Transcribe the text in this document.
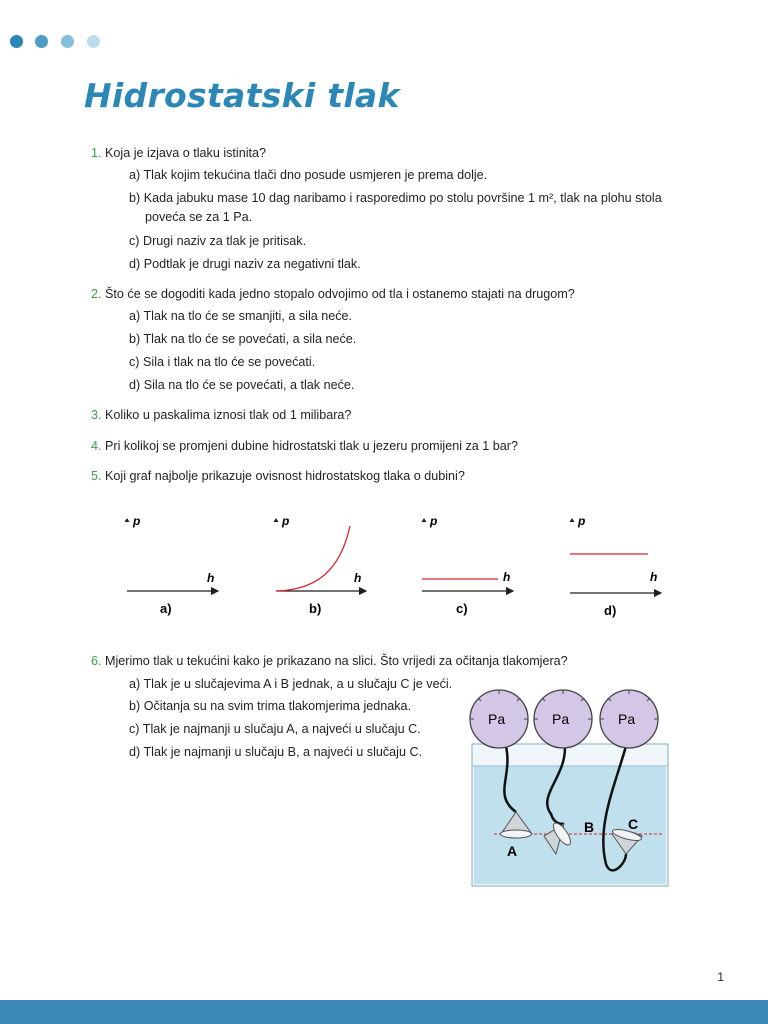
Hidrostatski tlak
1. Koja je izjava o tlaku istinita?
a) Tlak kojim tekućina tlači dno posude usmjeren je prema dolje.
b) Kada jabuku mase 10 dag naribamo i rasporedimo po stolu površine 1 m², tlak na plohu stola
poveća se za 1 Pa.
c) Drugi naziv za tlak je pritisak.
d) Podtlak je drugi naziv za negativni tlak.
2. Što će se dogoditi kada jedno stopalo odvojimo od tla i ostanemo stajati na drugom?
a) Tlak na tlo će se smanjiti, a sila neće.
b) Tlak na tlo će se povećati, a sila neće.
c) Sila i tlak na tlo će se povećati.
d) Sila na tlo će se povećati, a tlak neće.
3. Koliko u paskalima iznosi tlak od 1 milibara?
4. Pri kolikoj se promjeni dubine hidrostatski tlak u jezeru promijeni za 1 bar?
5. Koji graf najbolje prikazuje ovisnost hidrostatskog tlaka o dubini?
p
h
a)
p
h
b)
p
h
c)
p
h
d)
6. Mjerimo tlak u tekućini kako je prikazano na slici. Što vrijedi za očitanja tlakomjera?
a) Tlak je u slučajevima A i B jednak, a u slučaju C je veći.
b) Očitanja su na svim trima tlakomjerima jednaka.
c) Tlak je najmanji u slučaju A, a najveći u slučaju C.
d) Tlak je najmanji u slučaju B, a najveći u slučaju C.
A
B C
Pa	Pa	Pa
1
